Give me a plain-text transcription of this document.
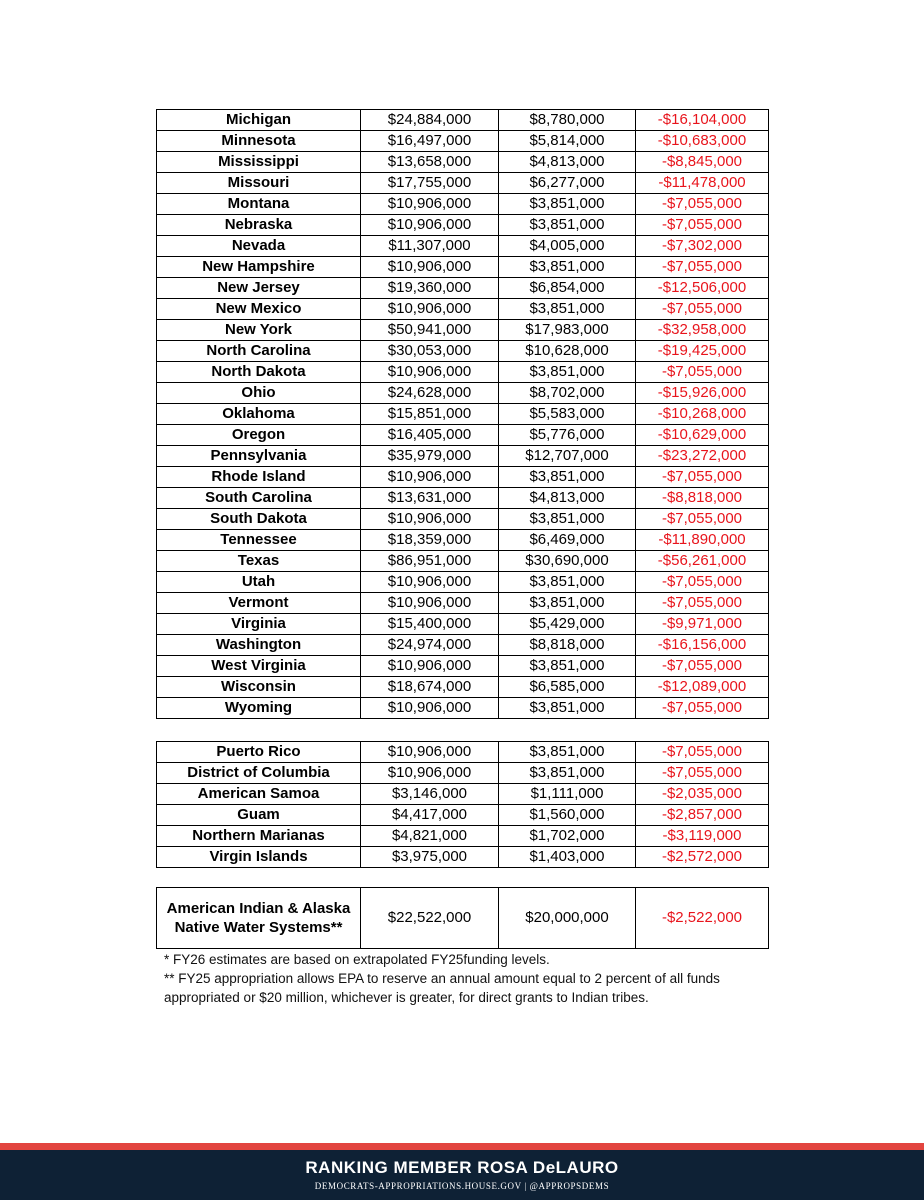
Michigan	$24,884,000	$8,780,000	-$16,104,000
Minnesota	$16,497,000	$5,814,000	-$10,683,000
Mississippi	$13,658,000	$4,813,000	-$8,845,000
Missouri	$17,755,000	$6,277,000	-$11,478,000
Montana	$10,906,000	$3,851,000	-$7,055,000
Nebraska	$10,906,000	$3,851,000	-$7,055,000
Nevada	$11,307,000	$4,005,000	-$7,302,000
New Hampshire	$10,906,000	$3,851,000	-$7,055,000
New Jersey	$19,360,000	$6,854,000	-$12,506,000
New Mexico	$10,906,000	$3,851,000	-$7,055,000
New York	$50,941,000	$17,983,000	-$32,958,000
North Carolina	$30,053,000	$10,628,000	-$19,425,000
North Dakota	$10,906,000	$3,851,000	-$7,055,000
Ohio	$24,628,000	$8,702,000	-$15,926,000
Oklahoma	$15,851,000	$5,583,000	-$10,268,000
Oregon	$16,405,000	$5,776,000	-$10,629,000
Pennsylvania	$35,979,000	$12,707,000	-$23,272,000
Rhode Island	$10,906,000	$3,851,000	-$7,055,000
South Carolina	$13,631,000	$4,813,000	-$8,818,000
South Dakota	$10,906,000	$3,851,000	-$7,055,000
Tennessee	$18,359,000	$6,469,000	-$11,890,000
Texas	$86,951,000	$30,690,000	-$56,261,000
Utah	$10,906,000	$3,851,000	-$7,055,000
Vermont	$10,906,000	$3,851,000	-$7,055,000
Virginia	$15,400,000	$5,429,000	-$9,971,000
Washington	$24,974,000	$8,818,000	-$16,156,000
West Virginia	$10,906,000	$3,851,000	-$7,055,000
Wisconsin	$18,674,000	$6,585,000	-$12,089,000
Wyoming	$10,906,000	$3,851,000	-$7,055,000
Puerto Rico	$10,906,000	$3,851,000	-$7,055,000
District of Columbia	$10,906,000	$3,851,000	-$7,055,000
American Samoa	$3,146,000	$1,111,000	-$2,035,000
Guam	$4,417,000	$1,560,000	-$2,857,000
Northern Marianas	$4,821,000	$1,702,000	-$3,119,000
Virgin Islands	$3,975,000	$1,403,000	-$2,572,000
American Indian & Alaska Native Water Systems**	$22,522,000	$20,000,000	-$2,522,000

* FY26 estimates are based on extrapolated FY25funding levels.

** FY25 appropriation allows EPA to reserve an annual amount equal to 2 percent of all funds appropriated or $20 million, whichever is greater, for direct grants to Indian tribes.

RANKING MEMBER ROSA DeLAURO
DEMOCRATS-APPROPRIATIONS.HOUSE.GOV | @APPROPSDEMS
